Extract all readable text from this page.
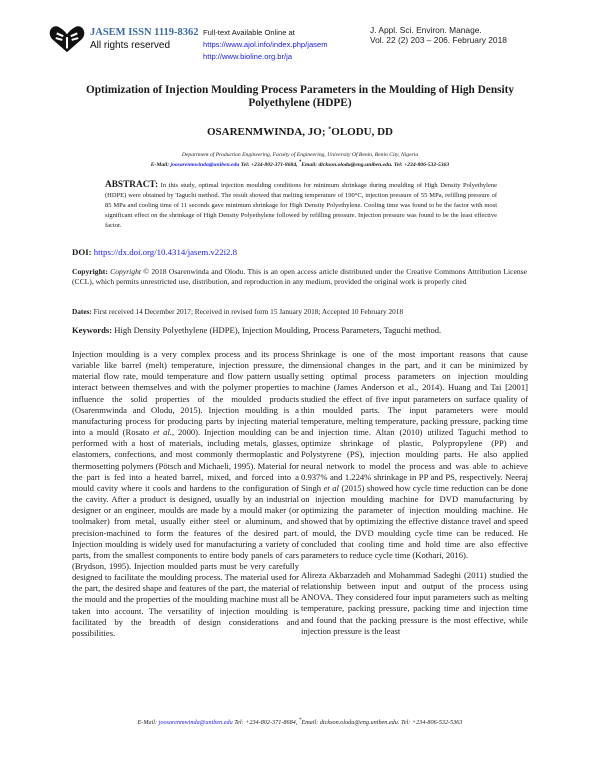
JASEM ISSN 1119-8362
All rights reserved
Full-text Available Online at
https://www.ajol.info/index.php/jasem
http://www.bioline.org.br/ja
J. Appl. Sci. Environ. Manage.
Vol. 22 (2) 203 – 206. February 2018
Optimization of Injection Moulding Process Parameters in the Moulding of High Density Polyethylene (HDPE)
OSARENMWINDA, JO; *OLODU, DD
Department of Production Engineering, Faculty of Engineering, University Of Benin, Benin City, Nigeria
E-Mail: joosarenmwinda@uniben.edu Tel: +234-802-371-8684, *Email: dickson.olodu@eng.uniben.edu. Tel: +234-806-532-5363
ABSTRACT: In this study, optimal injection moulding conditions for minimum shrinkage during moulding of High Density Polyethylene (HDPE) were obtained by Taguchi method. The result showed that melting temperature of 190°C, injection pressure of 55 MPa, refilling pressure of 85 MPa and cooling time of 11 seconds gave minimum shrinkage for High Density Polyethylene. Cooling time was found to be the factor with most significant effect on the shrinkage of High Density Polyethylene followed by refilling pressure. Injection pressure was found to be the least effective factor.
DOI: https://dx.doi.org/10.4314/jasem.v22i2.8
Copyright: Copyright © 2018 Osarenwinda and Olodu. This is an open access article distributed under the Creative Commons Attribution License (CCL), which permits unrestricted use, distribution, and reproduction in any medium, provided the original work is properly cited
Dates: First received 14 December 2017; Received in revised form 15 January 2018; Accepted 10 February 2018
Keywords: High Density Polyethylene (HDPE), Injection Moulding, Process Parameters, Taguchi method.

Injection moulding is a very complex process and its process variable like barrel (melt) temperature, injection pressure, the material flow rate, mould temperature and flow pattern usually interact between themselves and with the polymer properties to influence the solid properties of the moulded products (Osarenmwinda and Olodu, 2015). Injection moulding is a manufacturing process for producing parts by injecting material into a mould (Rosato et al., 2000). Injection moulding can be performed with a host of materials, including metals, glasses, elastomers, confections, and most commonly thermoplastic and thermosetting polymers (Pötsch and Michaeli, 1995). Material for the part is fed into a heated barrel, mixed, and forced into a mould cavity where it cools and hardens to the configuration of the cavity. After a product is designed, usually by an industrial designer or an engineer, moulds are made by a mould maker (or toolmaker) from metal, usually either steel or aluminum, and precision-machined to form the features of the desired part. Injection moulding is widely used for manufacturing a variety of parts, from the smallest components to entire body panels of cars (Brydson, 1995). Injection moulded parts must be very carefully designed to facilitate the moulding process. The material used for the part, the desired shape and features of the part, the material of the mould and the properties of the moulding machine must all be taken into account. The versatility of injection moulding is facilitated by the breadth of design considerations and possibilities.

Shrinkage is one of the most important reasons that cause dimensional changes in the part, and it can be minimized by setting optimal process parameters on injection moulding machine (James Anderson et al., 2014). Huang and Tai [2001] studied the effect of five input parameters on surface quality of thin moulded parts. The input parameters were mould temperature, melting temperature, packing pressure, packing time and injection time. Altan (2010) utilized Taguchi method to optimize shrinkage of plastic, Polypropylene (PP) and Polystyrene (PS), injection moulding parts. He also applied neural network to model the process and was able to achieve 0.937% and 1.224% shrinkage in PP and PS, respectively. Neeraj Singh et al (2015) showed how cycle time reduction can be done on injection moulding machine for DVD manufacturing by optimizing the parameter of injection moulding machine. He showed that by optimizing the effective distance travel and speed of mould, the DVD moulding cycle time can be reduced. He concluded that cooling time and hold time are also effective parameters to reduce cycle time (Kothari, 2016).

Alireza Akbarzadeh and Mohammad Sadeghi (2011) studied the relationship between input and output of the process using ANOVA. They considered four input parameters such as melting temperature, packing pressure, packing time and injection time and found that the packing pressure is the most effective, while injection pressure is the least

E-Mail: joosarenmwinda@uniben.edu Tel: +234-802-371-8684, *Email: dickson.olodu@eng.uniben.edu. Tel: +234-806-532-5363
